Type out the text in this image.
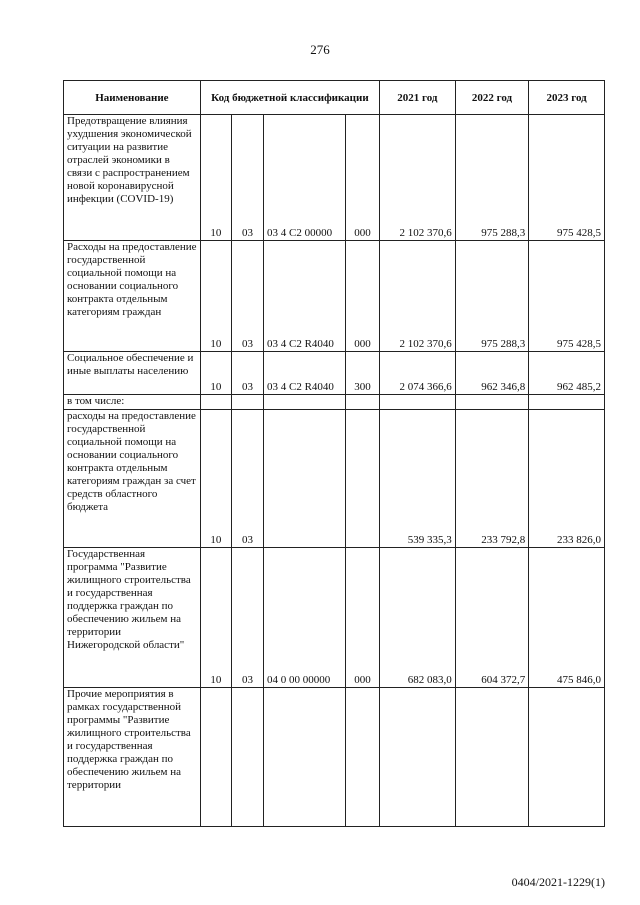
276
Наименование	Код бюджетной классификации				2021 год	2022 год	2023 год
Предотвращение влияния ухудшения экономической ситуации на развитие отраслей экономики в связи с распространением новой коронавирусной инфекции (COVID-19)	10	03	03 4 C2 00000	000	2 102 370,6	975 288,3	975 428,5
Расходы на предоставление государственной социальной помощи на основании социального контракта отдельным категориям граждан	10	03	03 4 C2 R4040	000	2 102 370,6	975 288,3	975 428,5
Социальное обеспечение и иные выплаты населению	10	03	03 4 C2 R4040	300	2 074 366,6	962 346,8	962 485,2
в том числе:							
расходы на предоставление государственной социальной помощи на основании социального контракта отдельным категориям граждан за счет средств областного бюджета	10	03			539 335,3	233 792,8	233 826,0
Государственная программа "Развитие жилищного строительства и государственная поддержка граждан по обеспечению жильем на территории Нижегородской области"	10	03	04 0 00 00000	000	682 083,0	604 372,7	475 846,0
Прочие мероприятия в рамках государственной программы "Развитие жилищного строительства и государственная поддержка граждан по обеспечению жильем на территории							
0404/2021-1229(1)
